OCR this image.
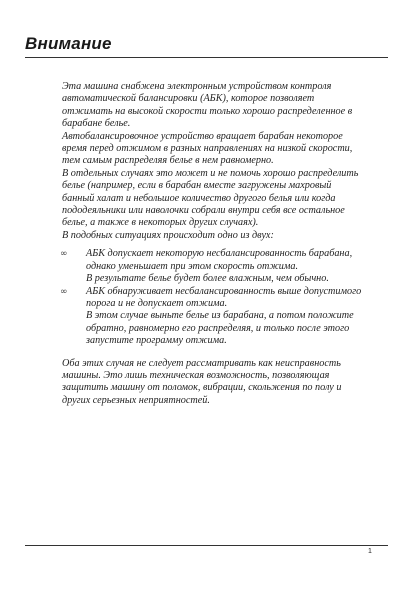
Внимание

Эта машина снабжена электронным устройством контроля автоматической балансировки (АБК), которое позволяет отжимать на высокой скорости только хорошо распределенное в барабане белье.

Автобалансировочное устройство вращает барабан некоторое время перед отжимом в разных направлениях на низкой скорости, тем самым распределяя белье в нем равномерно.

В отдельных случаях это может и не помочь хорошо распределить белье (например, если в барабан вместе загружены махровый банный халат и небольшое количество другого белья или когда пододеяльники или наволочки собрали внутри себя все остальное белье, а также в некоторых других случаях).

В подобных ситуациях происходит одно из двух:

∞ АБК допускает некоторую несбалансированность барабана, однако уменьшает при этом скорость отжима.
В результате белье будет более влажным, чем обычно.
∞ АБК обнаруживает несбалансированность выше допустимого порога и не допускает отжима.
В этом случае выньте белье из барабана, а потом положите обратно, равномерно его распределяя, и только после этого запустите программу отжима.

Оба этих случая не следует рассматривать как неисправность машины. Это лишь техническая возможность, позволяющая защитить машину от поломок, вибрации, скольжения по полу и других серьезных неприятностей.

1
